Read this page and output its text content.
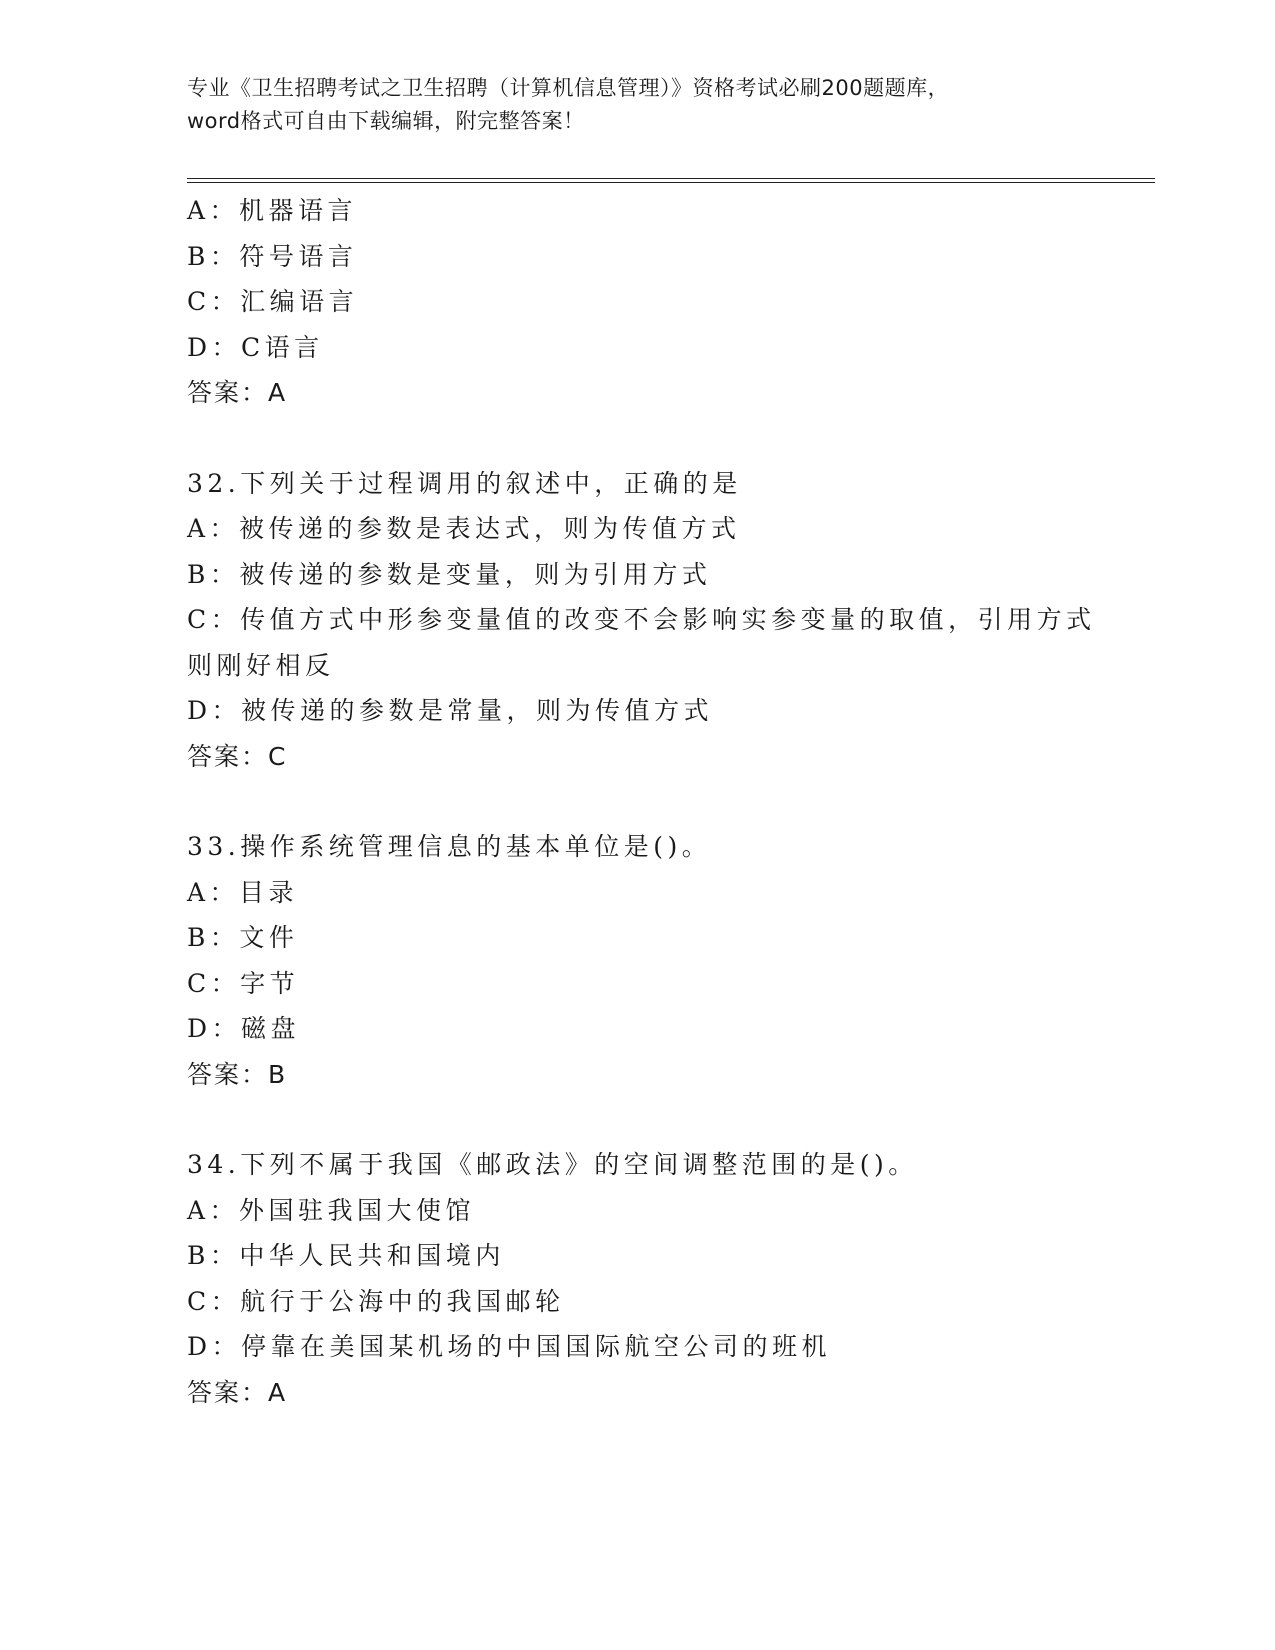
专业《卫生招聘考试之卫生招聘（计算机信息管理）》资格考试必刷200题题库，
word格式可自由下载编辑，附完整答案！
A：机器语言
B：符号语言
C：汇编语言
D：C语言
答案：A
32.下列关于过程调用的叙述中，正确的是
A：被传递的参数是表达式，则为传值方式
B：被传递的参数是变量，则为引用方式
C：传值方式中形参变量值的改变不会影响实参变量的取值，引用方式
则刚好相反
D：被传递的参数是常量，则为传值方式
答案：C
33.操作系统管理信息的基本单位是()。
A：目录
B：文件
C：字节
D：磁盘
答案：B
34.下列不属于我国《邮政法》的空间调整范围的是()。
A：外国驻我国大使馆
B：中华人民共和国境内
C：航行于公海中的我国邮轮
D：停靠在美国某机场的中国国际航空公司的班机
答案：A
